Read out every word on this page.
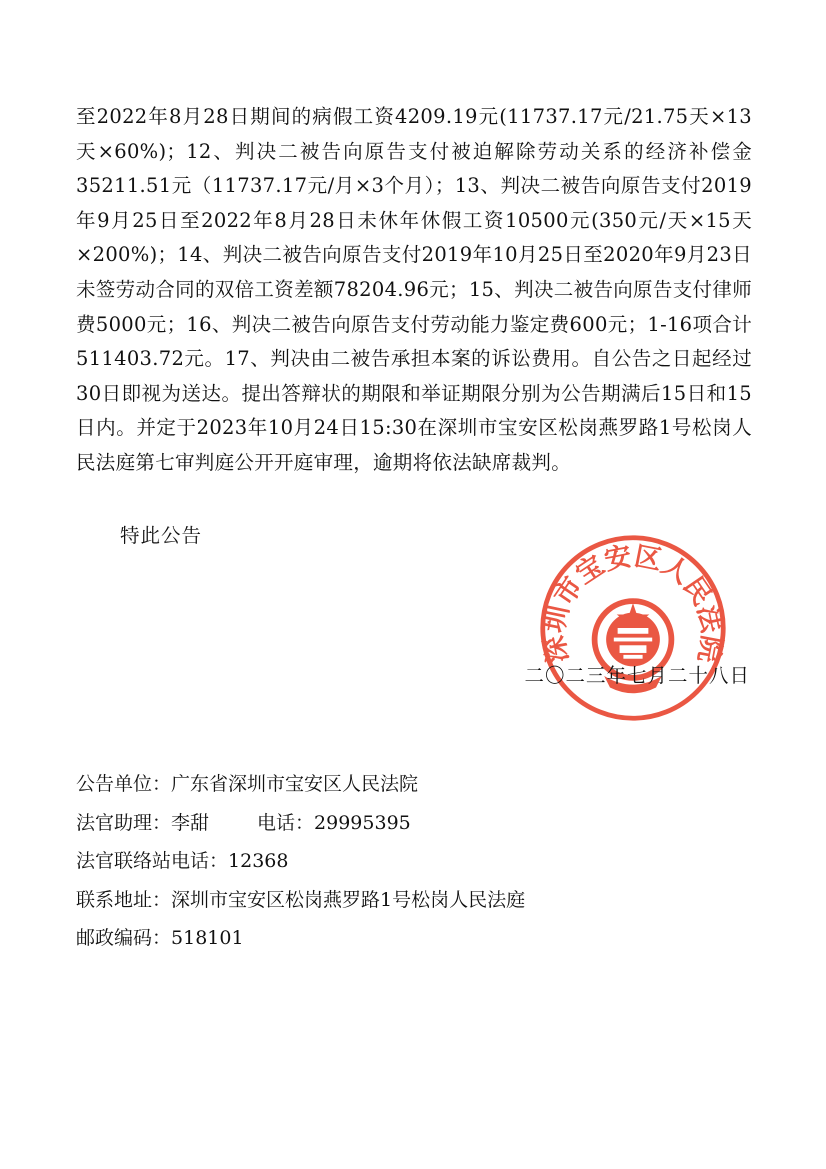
至2022年8月28日期间的病假工资4209.19元(11737.17元/21.75天×13天×60%)；12、判决二被告向原告支付被迫解除劳动关系的经济补偿金35211.51元（11737.17元/月×3个月）；13、判决二被告向原告支付2019年9月25日至2022年8月28日未休年休假工资10500元(350元/天×15天×200%)；14、判决二被告向原告支付2019年10月25日至2020年9月23日未签劳动合同的双倍工资差额78204.96元；15、判决二被告向原告支付律师费5000元；16、判决二被告向原告支付劳动能力鉴定费600元；1-16项合计511403.72元。17、判决由二被告承担本案的诉讼费用。自公告之日起经过30日即视为送达。提出答辩状的期限和举证期限分别为公告期满后15日和15日内。并定于2023年10月24日15:30在深圳市宝安区松岗燕罗路1号松岗人民法庭第七审判庭公开开庭审理，逾期将依法缺席裁判。

特此公告
深圳市宝安区人民法院
二〇二三年七月二十八日
公告单位：广东省深圳市宝安区人民法院
法官助理：李甜	电话：29995395
法官联络站电话：12368
联系地址：深圳市宝安区松岗燕罗路1号松岗人民法庭
邮政编码：518101
